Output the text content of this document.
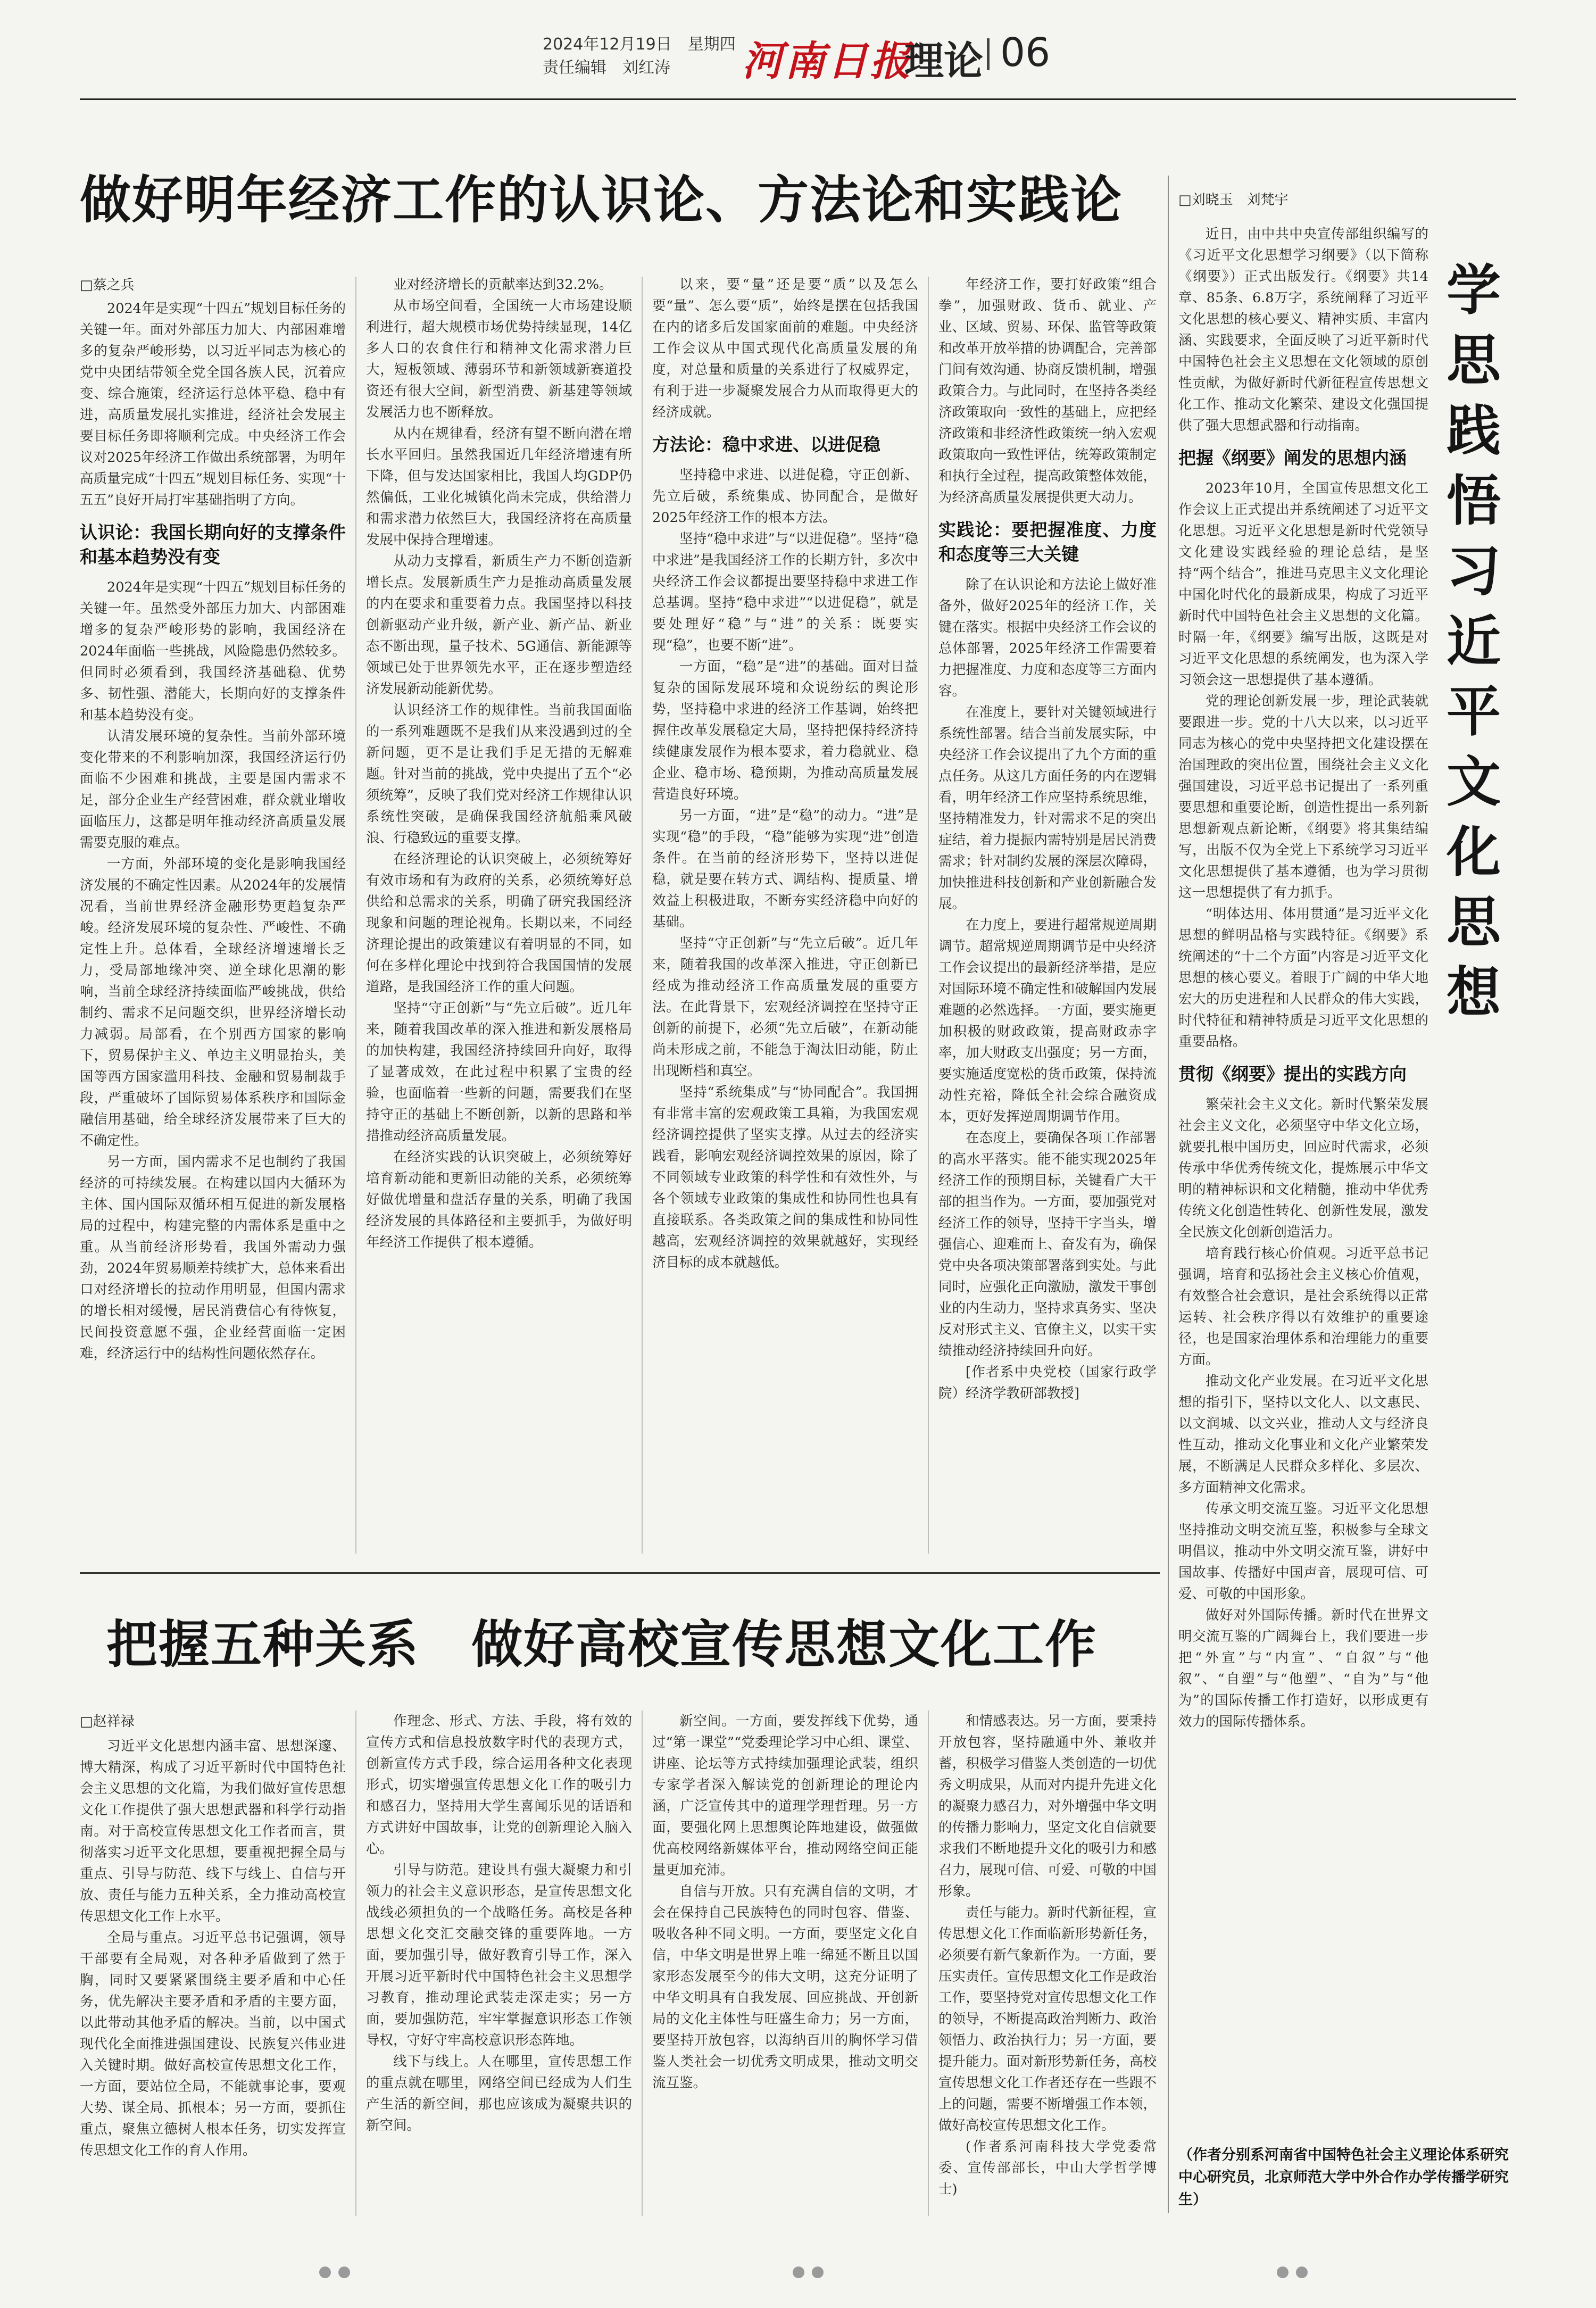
2024年12月19日　星期四
责任编辑　刘红涛	河南日报
理论 06
做好明年经济工作的认识论、方法论和实践论
□蔡之兵

2024年是实现“十四五”规划目标任务的关键一年。面对外部压力加大、内部困难增多的复杂严峻形势，以习近平同志为核心的党中央团结带领全党全国各族人民，沉着应变、综合施策，经济运行总体平稳、稳中有进，高质量发展扎实推进，经济社会发展主要目标任务即将顺利完成。中央经济工作会议对2025年经济工作做出系统部署，为明年高质量完成“十四五”规划目标任务、实现“十五五”良好开局打牢基础指明了方向。

认识论：我国长期向好的支撑条件和基本趋势没有变

2024年是实现“十四五”规划目标任务的关键一年。虽然受外部压力加大、内部困难增多的复杂严峻形势的影响，我国经济在2024年面临一些挑战，风险隐患仍然较多。但同时必须看到，我国经济基础稳、优势多、韧性强、潜能大，长期向好的支撑条件和基本趋势没有变。

认清发展环境的复杂性。当前外部环境变化带来的不利影响加深，我国经济运行仍面临不少困难和挑战，主要是国内需求不足，部分企业生产经营困难，群众就业增收面临压力，这都是明年推动经济高质量发展需要克服的难点。

一方面，外部环境的变化是影响我国经济发展的不确定性因素。从2024年的发展情况看，当前世界经济金融形势更趋复杂严峻。经济发展环境的复杂性、严峻性、不确定性上升。总体看，全球经济增速增长乏力，受局部地缘冲突、逆全球化思潮的影响，当前全球经济持续面临严峻挑战，供给制约、需求不足问题交织，世界经济增长动力减弱。局部看，在个别西方国家的影响下，贸易保护主义、单边主义明显抬头，美国等西方国家滥用科技、金融和贸易制裁手段，严重破坏了国际贸易体系秩序和国际金融信用基础，给全球经济发展带来了巨大的不确定性。

另一方面，国内需求不足也制约了我国经济的可持续发展。在构建以国内大循环为主体、国内国际双循环相互促进的新发展格局的过程中，构建完整的内需体系是重中之重。从当前经济形势看，我国外需动力强劲，2024年贸易顺差持续扩大，总体来看出口对经济增长的拉动作用明显，但国内需求的增长相对缓慢，居民消费信心有待恢复，民间投资意愿不强，企业经营面临一定困难，经济运行中的结构性问题依然存在。

业对经济增长的贡献率达到32.2%。

从市场空间看，全国统一大市场建设顺利进行，超大规模市场优势持续显现，14亿多人口的农食住行和精神文化需求潜力巨大，短板领域、薄弱环节和新领域新赛道投资还有很大空间，新型消费、新基建等领域发展活力也不断释放。

从内在规律看，经济有望不断向潜在增长水平回归。虽然我国近几年经济增速有所下降，但与发达国家相比，我国人均GDP仍然偏低，工业化城镇化尚未完成，供给潜力和需求潜力依然巨大，我国经济将在高质量发展中保持合理增速。

从动力支撑看，新质生产力不断创造新增长点。发展新质生产力是推动高质量发展的内在要求和重要着力点。我国坚持以科技创新驱动产业升级，新产业、新产品、新业态不断出现，量子技术、5G通信、新能源等领域已处于世界领先水平，正在逐步塑造经济发展新动能新优势。

认识经济工作的规律性。当前我国面临的一系列难题既不是我们从来没遇到过的全新问题，更不是让我们手足无措的无解难题。针对当前的挑战，党中央提出了五个“必须统筹”，反映了我们党对经济工作规律认识系统性突破，是确保我国经济航船乘风破浪、行稳致远的重要支撑。

在经济理论的认识突破上，必须统筹好有效市场和有为政府的关系，必须统筹好总供给和总需求的关系，明确了研究我国经济现象和问题的理论视角。长期以来，不同经济理论提出的政策建议有着明显的不同，如何在多样化理论中找到符合我国国情的发展道路，是我国经济工作的重大问题。

坚持“守正创新”与“先立后破”。近几年来，随着我国改革的深入推进和新发展格局的加快构建，我国经济持续回升向好，取得了显著成效，在此过程中积累了宝贵的经验，也面临着一些新的问题，需要我们在坚持守正的基础上不断创新，以新的思路和举措推动经济高质量发展。

在经济实践的认识突破上，必须统筹好培育新动能和更新旧动能的关系，必须统筹好做优增量和盘活存量的关系，明确了我国经济发展的具体路径和主要抓手，为做好明年经济工作提供了根本遵循。

以来，要“量”还是要“质”以及怎么要“量”、怎么要“质”，始终是摆在包括我国在内的诸多后发国家面前的难题。中央经济工作会议从中国式现代化高质量发展的角度，对总量和质量的关系进行了权威界定，有利于进一步凝聚发展合力从而取得更大的经济成就。

方法论：稳中求进、以进促稳

坚持稳中求进、以进促稳，守正创新、先立后破，系统集成、协同配合，是做好2025年经济工作的根本方法。

坚持“稳中求进”与“以进促稳”。坚持“稳中求进”是我国经济工作的长期方针，多次中央经济工作会议都提出要坚持稳中求进工作总基调。坚持“稳中求进”“以进促稳”，就是要处理好“稳”与“进”的关系：既要实现“稳”，也要不断“进”。

一方面，“稳”是“进”的基础。面对日益复杂的国际发展环境和众说纷纭的舆论形势，坚持稳中求进的经济工作基调，始终把握住改革发展稳定大局，坚持把保持经济持续健康发展作为根本要求，着力稳就业、稳企业、稳市场、稳预期，为推动高质量发展营造良好环境。

另一方面，“进”是“稳”的动力。“进”是实现“稳”的手段，“稳”能够为实现“进”创造条件。在当前的经济形势下，坚持以进促稳，就是要在转方式、调结构、提质量、增效益上积极进取，不断夯实经济稳中向好的基础。

坚持“守正创新”与“先立后破”。近几年来，随着我国的改革深入推进，守正创新已经成为推动经济工作高质量发展的重要方法。在此背景下，宏观经济调控在坚持守正创新的前提下，必须“先立后破”，在新动能尚未形成之前，不能急于淘汰旧动能，防止出现断档和真空。

坚持“系统集成”与“协同配合”。我国拥有非常丰富的宏观政策工具箱，为我国宏观经济调控提供了坚实支撑。从过去的经济实践看，影响宏观经济调控效果的原因，除了不同领域专业政策的科学性和有效性外，与各个领域专业政策的集成性和协同性也具有直接联系。各类政策之间的集成性和协同性越高，宏观经济调控的效果就越好，实现经济目标的成本就越低。

年经济工作，要打好政策“组合拳”，加强财政、货币、就业、产业、区域、贸易、环保、监管等政策和改革开放举措的协调配合，完善部门间有效沟通、协商反馈机制，增强政策合力。与此同时，在坚持各类经济政策取向一致性的基础上，应把经济政策和非经济性政策统一纳入宏观政策取向一致性评估，统筹政策制定和执行全过程，提高政策整体效能，为经济高质量发展提供更大动力。

实践论：要把握准度、力度和态度等三大关键

除了在认识论和方法论上做好准备外，做好2025年的经济工作，关键在落实。根据中央经济工作会议的总体部署，2025年经济工作需要着力把握准度、力度和态度等三方面内容。

在准度上，要针对关键领域进行系统性部署。结合当前发展实际，中央经济工作会议提出了九个方面的重点任务。从这几方面任务的内在逻辑看，明年经济工作应坚持系统思维，坚持精准发力，针对需求不足的突出症结，着力提振内需特别是居民消费需求；针对制约发展的深层次障碍，加快推进科技创新和产业创新融合发展。

在力度上，要进行超常规逆周期调节。超常规逆周期调节是中央经济工作会议提出的最新经济举措，是应对国际环境不确定性和破解国内发展难题的必然选择。一方面，要实施更加积极的财政政策，提高财政赤字率，加大财政支出强度；另一方面，要实施适度宽松的货币政策，保持流动性充裕，降低全社会综合融资成本，更好发挥逆周期调节作用。

在态度上，要确保各项工作部署的高水平落实。能不能实现2025年经济工作的预期目标，关键看广大干部的担当作为。一方面，要加强党对经济工作的领导，坚持干字当头，增强信心、迎难而上、奋发有为，确保党中央各项决策部署落到实处。与此同时，应强化正向激励，激发干事创业的内生动力，坚持求真务实、坚决反对形式主义、官僚主义，以实干实绩推动经济持续回升向好。

[作者系中央党校（国家行政学院）经济学教研部教授]

把握五种关系　做好高校宣传思想文化工作
□赵祥禄

习近平文化思想内涵丰富、思想深邃、博大精深，构成了习近平新时代中国特色社会主义思想的文化篇，为我们做好宣传思想文化工作提供了强大思想武器和科学行动指南。对于高校宣传思想文化工作者而言，贯彻落实习近平文化思想，要重视把握全局与重点、引导与防范、线下与线上、自信与开放、责任与能力五种关系，全力推动高校宣传思想文化工作上水平。

全局与重点。习近平总书记强调，领导干部要有全局观，对各种矛盾做到了然于胸，同时又要紧紧围绕主要矛盾和中心任务，优先解决主要矛盾和矛盾的主要方面，以此带动其他矛盾的解决。当前，以中国式现代化全面推进强国建设、民族复兴伟业进入关键时期。做好高校宣传思想文化工作，一方面，要站位全局，不能就事论事，要观大势、谋全局、抓根本；另一方面，要抓住重点，聚焦立德树人根本任务，切实发挥宣传思想文化工作的育人作用。

作理念、形式、方法、手段，将有效的宣传方式和信息投放数字时代的表现方式，创新宣传方式手段，综合运用各种文化表现形式，切实增强宣传思想文化工作的吸引力和感召力，坚持用大学生喜闻乐见的话语和方式讲好中国故事，让党的创新理论入脑入心。

引导与防范。建设具有强大凝聚力和引领力的社会主义意识形态，是宣传思想文化战线必须担负的一个战略任务。高校是各种思想文化交汇交融交锋的重要阵地。一方面，要加强引导，做好教育引导工作，深入开展习近平新时代中国特色社会主义思想学习教育，推动理论武装走深走实；另一方面，要加强防范，牢牢掌握意识形态工作领导权，守好守牢高校意识形态阵地。

线下与线上。人在哪里，宣传思想工作的重点就在哪里，网络空间已经成为人们生产生活的新空间，那也应该成为凝聚共识的新空间。

新空间。一方面，要发挥线下优势，通过“第一课堂”“党委理论学习中心组、课堂、讲座、论坛等方式持续加强理论武装，组织专家学者深入解读党的创新理论的理论内涵，广泛宣传其中的道理学理哲理。另一方面，要强化网上思想舆论阵地建设，做强做优高校网络新媒体平台，推动网络空间正能量更加充沛。

自信与开放。只有充满自信的文明，才会在保持自己民族特色的同时包容、借鉴、吸收各种不同文明。一方面，要坚定文化自信，中华文明是世界上唯一绵延不断且以国家形态发展至今的伟大文明，这充分证明了中华文明具有自我发展、回应挑战、开创新局的文化主体性与旺盛生命力；另一方面，要坚持开放包容，以海纳百川的胸怀学习借鉴人类社会一切优秀文明成果，推动文明交流互鉴。

和情感表达。另一方面，要秉持开放包容，坚持融通中外、兼收并蓄，积极学习借鉴人类创造的一切优秀文明成果，从而对内提升先进文化的凝聚力感召力，对外增强中华文明的传播力影响力，坚定文化自信就要求我们不断地提升文化的吸引力和感召力，展现可信、可爱、可敬的中国形象。

责任与能力。新时代新征程，宣传思想文化工作面临新形势新任务，必须要有新气象新作为。一方面，要压实责任。宣传思想文化工作是政治工作，要坚持党对宣传思想文化工作的领导，不断提高政治判断力、政治领悟力、政治执行力；另一方面，要提升能力。面对新形势新任务，高校宣传思想文化工作者还存在一些跟不上的问题，需要不断增强工作本领，做好高校宣传思想文化工作。

(作者系河南科技大学党委常委、宣传部部长，中山大学哲学博士)

□刘晓玉　刘梵宇
学思践悟习近平文化思想

近日，由中共中央宣传部组织编写的《习近平文化思想学习纲要》（以下简称《纲要》）正式出版发行。《纲要》共14章、85条、6.8万字，系统阐释了习近平文化思想的核心要义、精神实质、丰富内涵、实践要求，全面反映了习近平新时代中国特色社会主义思想在文化领域的原创性贡献，为做好新时代新征程宣传思想文化工作、推动文化繁荣、建设文化强国提供了强大思想武器和行动指南。

把握《纲要》阐发的思想内涵

2023年10月，全国宣传思想文化工作会议上正式提出并系统阐述了习近平文化思想。习近平文化思想是新时代党领导文化建设实践经验的理论总结，是坚持“两个结合”，推进马克思主义文化理论中国化时代化的最新成果，构成了习近平新时代中国特色社会主义思想的文化篇。时隔一年，《纲要》编写出版，这既是对习近平文化思想的系统阐发，也为深入学习领会这一思想提供了基本遵循。

党的理论创新发展一步，理论武装就要跟进一步。党的十八大以来，以习近平同志为核心的党中央坚持把文化建设摆在治国理政的突出位置，围绕社会主义文化强国建设，习近平总书记提出了一系列重要思想和重要论断，创造性提出一系列新思想新观点新论断，《纲要》将其集结编写，出版不仅为全党上下系统学习习近平文化思想提供了基本遵循，也为学习贯彻这一思想提供了有力抓手。

“明体达用、体用贯通”是习近平文化思想的鲜明品格与实践特征。《纲要》系统阐述的“十二个方面”内容是习近平文化思想的核心要义。着眼于广阔的中华大地宏大的历史进程和人民群众的伟大实践，时代特征和精神特质是习近平文化思想的重要品格。

贯彻《纲要》提出的实践方向

繁荣社会主义文化。新时代繁荣发展社会主义文化，必须坚守中华文化立场，就要扎根中国历史，回应时代需求，必须传承中华优秀传统文化，提炼展示中华文明的精神标识和文化精髓，推动中华优秀传统文化创造性转化、创新性发展，激发全民族文化创新创造活力。

培育践行核心价值观。习近平总书记强调，培育和弘扬社会主义核心价值观，有效整合社会意识，是社会系统得以正常运转、社会秩序得以有效维护的重要途径，也是国家治理体系和治理能力的重要方面。

推动文化产业发展。在习近平文化思想的指引下，坚持以文化人、以文惠民、以文润城、以文兴业，推动人文与经济良性互动，推动文化事业和文化产业繁荣发展，不断满足人民群众多样化、多层次、多方面精神文化需求。

传承文明交流互鉴。习近平文化思想坚持推动文明交流互鉴，积极参与全球文明倡议，推动中外文明交流互鉴，讲好中国故事、传播好中国声音，展现可信、可爱、可敬的中国形象。

做好对外国际传播。新时代在世界文明交流互鉴的广阔舞台上，我们要进一步把“外宣”与“内宣”、“自叙”与“他叙”、“自塑”与“他塑”、“自为”与“他为”的国际传播工作打造好，以形成更有效力的国际传播体系。

（作者分别系河南省中国特色社会主义理论体系研究中心研究员，北京师范大学中外合作办学传播学研究生）
